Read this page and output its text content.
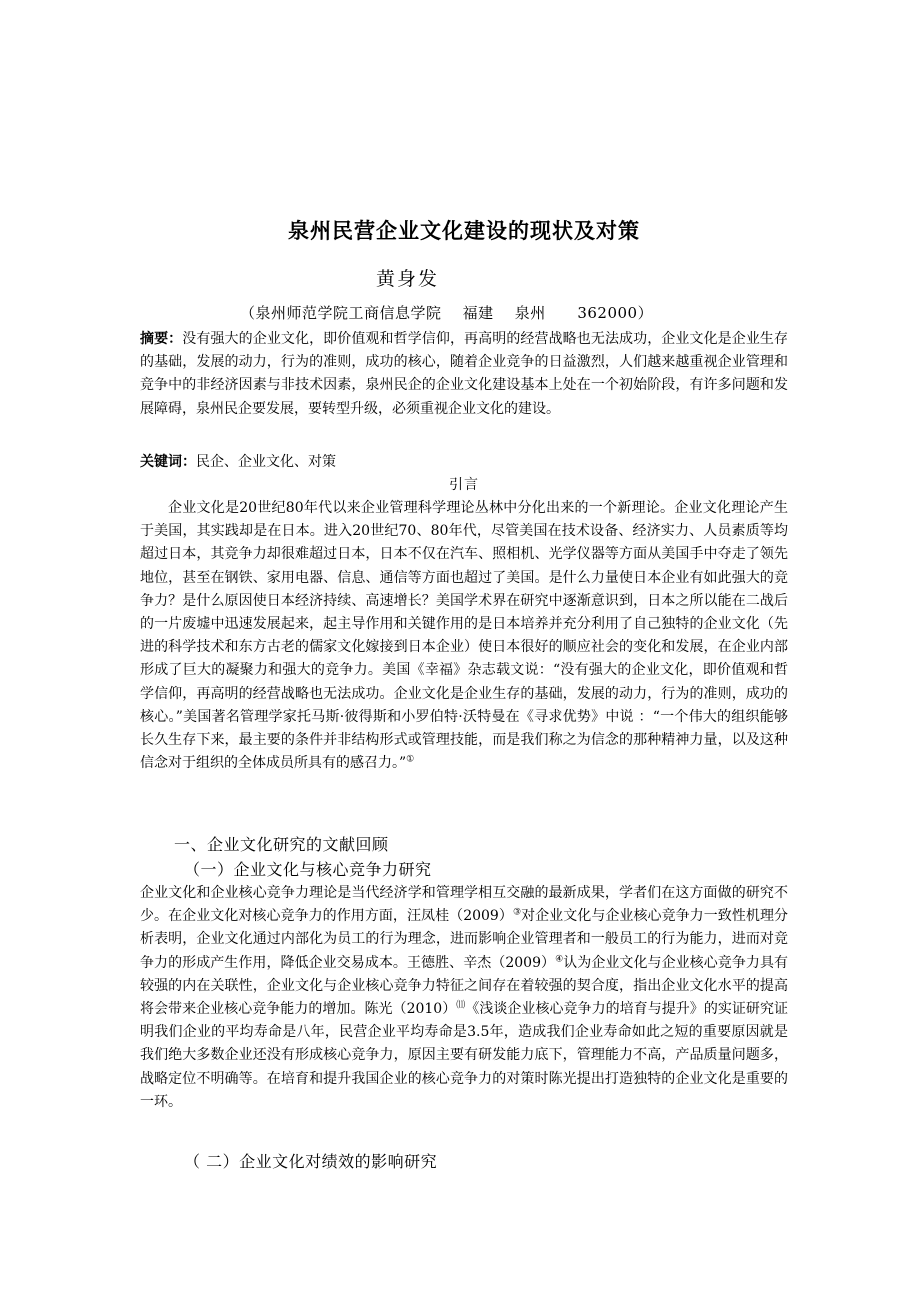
泉州民营企业文化建设的现状及对策
黄身发
（泉州师范学院工商信息学院 福建 泉州 362000）
摘要：没有强大的企业文化，即价值观和哲学信仰，再高明的经营战略也无法成功，企业文化是企业生存的基础，发展的动力，行为的准则，成功的核心，随着企业竞争的日益激烈，人们越来越重视企业管理和竞争中的非经济因素与非技术因素，泉州民企的企业文化建设基本上处在一个初始阶段，有许多问题和发展障碍，泉州民企要发展，要转型升级，必须重视企业文化的建设。
关键词：民企、企业文化、对策
引言
企业文化是20世纪80年代以来企业管理科学理论丛林中分化出来的一个新理论。企业文化理论产生于美国，其实践却是在日本。进入20世纪70、80年代，尽管美国在技术设备、经济实力、人员素质等均超过日本，其竞争力却很难超过日本，日本不仅在汽车、照相机、光学仪器等方面从美国手中夺走了领先地位，甚至在钢铁、家用电器、信息、通信等方面也超过了美国。是什么力量使日本企业有如此强大的竞争力？是什么原因使日本经济持续、高速增长？美国学术界在研究中逐渐意识到，日本之所以能在二战后的一片废墟中迅速发展起来，起主导作用和关键作用的是日本培养并充分利用了自己独特的企业文化（先进的科学技术和东方古老的儒家文化嫁接到日本企业）使日本很好的顺应社会的变化和发展，在企业内部形成了巨大的凝聚力和强大的竞争力。美国《幸福》杂志载文说：“没有强大的企业文化，即价值观和哲学信仰，再高明的经营战略也无法成功。企业文化是企业生存的基础，发展的动力，行为的准则，成功的核心。”美国著名管理学家托马斯·彼得斯和小罗伯特·沃特曼在《寻求优势》中说 ：“一个伟大的组织能够长久生存下来，最主要的条件并非结构形式或管理技能，而是我们称之为信念的那种精神力量，以及这种信念对于组织的全体成员所具有的感召力。”①
一、企业文化研究的文献回顾
（一）企业文化与核心竞争力研究
企业文化和企业核心竞争力理论是当代经济学和管理学相互交融的最新成果，学者们在这方面做的研究不少。在企业文化对核心竞争力的作用方面，汪凤桂（2009）③对企业文化与企业核心竞争力一致性机理分析表明，企业文化通过内部化为员工的行为理念，进而影响企业管理者和一般员工的行为能力，进而对竞争力的形成产生作用，降低企业交易成本。王德胜、辛杰（2009）④认为企业文化与企业核心竞争力具有较强的内在关联性，企业文化与企业核心竞争力特征之间存在着较强的契合度，指出企业文化水平的提高将会带来企业核心竞争能力的增加。陈光（2010）⑾《浅谈企业核心竞争力的培育与提升》的实证研究证明我们企业的平均寿命是八年，民营企业平均寿命是3.5年，造成我们企业寿命如此之短的重要原因就是我们绝大多数企业还没有形成核心竞争力，原因主要有研发能力底下，管理能力不高，产品质量问题多，战略定位不明确等。在培育和提升我国企业的核心竞争力的对策时陈光提出打造独特的企业文化是重要的一环。
（ 二）企业文化对绩效的影响研究
